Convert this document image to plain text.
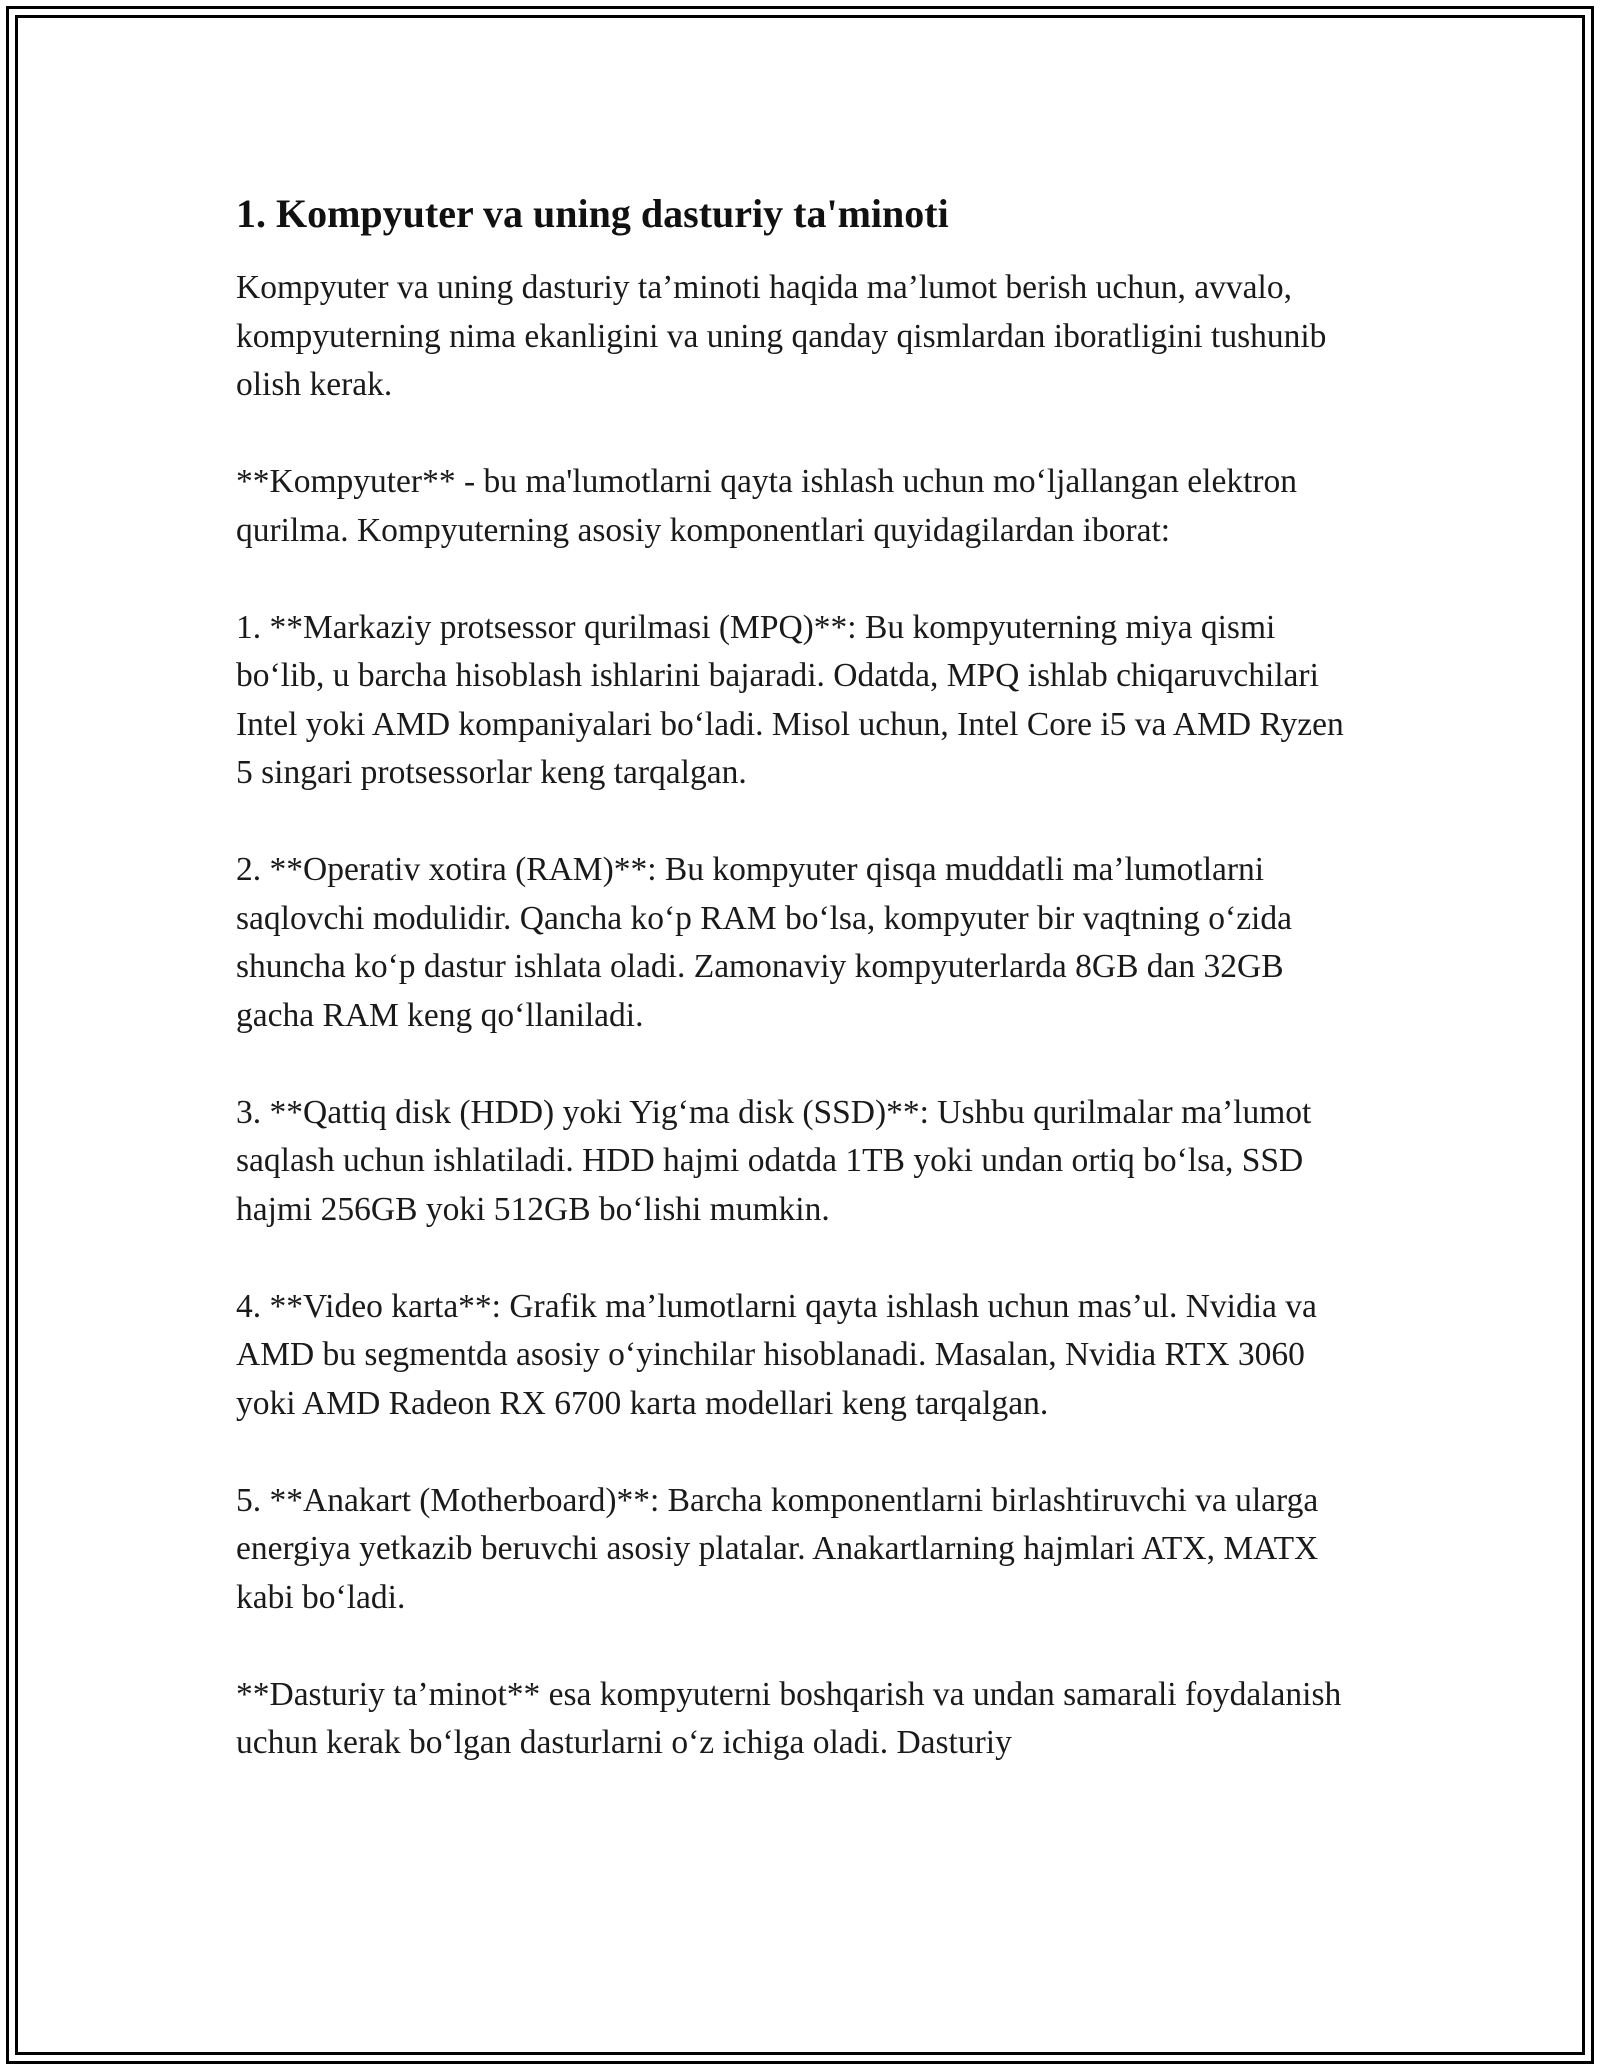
1. Kompyuter va uning dasturiy ta'minoti

Kompyuter va uning dasturiy ta’minoti haqida ma’lumot berish uchun, avvalo, kompyuterning nima ekanligini va uning qanday qismlardan iboratligini tushunib olish kerak.

**Kompyuter** - bu ma'lumotlarni qayta ishlash uchun moʻljallangan elektron qurilma. Kompyuterning asosiy komponentlari quyidagilardan iborat:

1. **Markaziy protsessor qurilmasi (MPQ)**: Bu kompyuterning miya qismi boʻlib, u barcha hisoblash ishlarini bajaradi. Odatda, MPQ ishlab chiqaruvchilari Intel yoki AMD kompaniyalari boʻladi. Misol uchun, Intel Core i5 va AMD Ryzen 5 singari protsessorlar keng tarqalgan.

2. **Operativ xotira (RAM)**: Bu kompyuter qisqa muddatli ma’lumotlarni saqlovchi modulidir. Qancha koʻp RAM boʻlsa, kompyuter bir vaqtning oʻzida shuncha koʻp dastur ishlata oladi. Zamonaviy kompyuterlarda 8GB dan 32GB gacha RAM keng qoʻllaniladi.

3. **Qattiq disk (HDD) yoki Yigʻma disk (SSD)**: Ushbu qurilmalar ma’lumot saqlash uchun ishlatiladi. HDD hajmi odatda 1TB yoki undan ortiq boʻlsa, SSD hajmi 256GB yoki 512GB boʻlishi mumkin.

4. **Video karta**: Grafik ma’lumotlarni qayta ishlash uchun mas’ul. Nvidia va AMD bu segmentda asosiy oʻyinchilar hisoblanadi. Masalan, Nvidia RTX 3060 yoki AMD Radeon RX 6700 karta modellari keng tarqalgan.

5. **Anakart (Motherboard)**: Barcha komponentlarni birlashtiruvchi va ularga energiya yetkazib beruvchi asosiy platalar. Anakartlarning hajmlari ATX, MATX kabi boʻladi.

**Dasturiy ta’minot** esa kompyuterni boshqarish va undan samarali foydalanish uchun kerak boʻlgan dasturlarni oʻz ichiga oladi. Dasturiy
